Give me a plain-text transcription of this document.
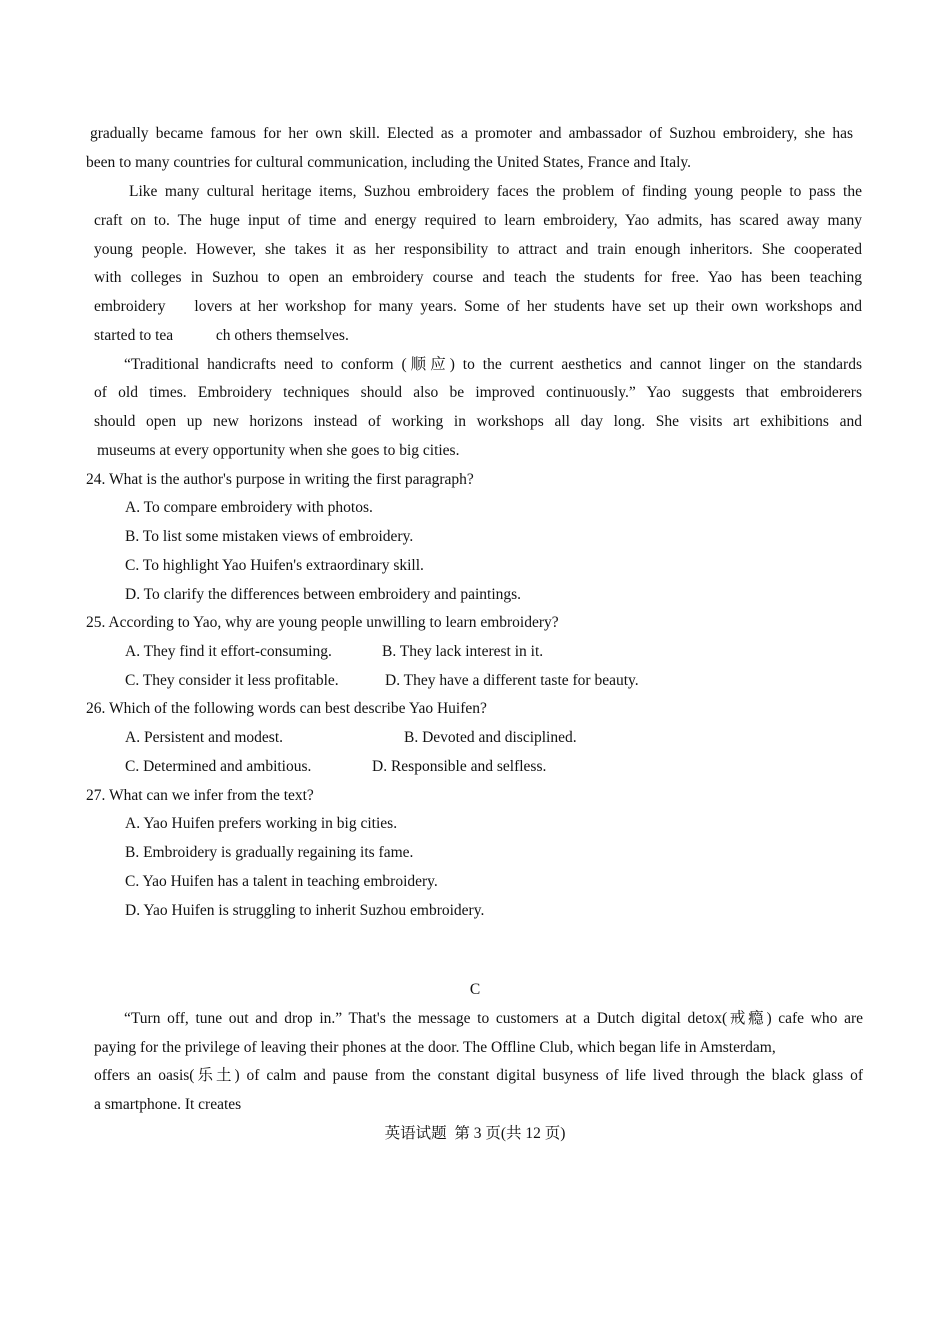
gradually became famous for her own skill. Elected as a promoter and ambassador of Suzhou embroidery, she has
been to many countries for cultural communication, including the United States, France and Italy.
Like many cultural heritage items, Suzhou embroidery faces the problem of finding young people to pass the
craft on to. The huge input of time and energy required to learn embroidery, Yao admits, has scared away many
young people. However, she takes it as her responsibility to attract and train enough inheritors. She cooperated
with colleges in Suzhou to open an embroidery course and teach the students for free. Yao has been teaching
embroidery    lovers at her workshop for many years. Some of her students have set up their own workshops and
started to tea           ch others themselves.
“Traditional handicrafts need to conform (顺应) to the current aesthetics and cannot linger on the standards
of old times. Embroidery techniques should also be improved continuously.” Yao suggests that embroiderers
should open up new horizons instead of working in workshops all day long. She visits art exhibitions and
museums at every opportunity when she goes to big cities.
24. What is the author's purpose in writing the first paragraph?
A. To compare embroidery with photos.
B. To list some mistaken views of embroidery.
C. To highlight Yao Huifen's extraordinary skill.
D. To clarify the differences between embroidery and paintings.
25. According to Yao, why are young people unwilling to learn embroidery?
A. They find it effort-consuming.	B. They lack interest in it.
C. They consider it less profitable.	D. They have a different taste for beauty.
26. Which of the following words can best describe Yao Huifen?
A. Persistent and modest.	B. Devoted and disciplined.
C. Determined and ambitious.	D. Responsible and selfless.
27. What can we infer from the text?
A. Yao Huifen prefers working in big cities.
B. Embroidery is gradually regaining its fame.
C. Yao Huifen has a talent in teaching embroidery.
D. Yao Huifen is struggling to inherit Suzhou embroidery.
C
“Turn off, tune out and drop in.” That's the message to customers at a Dutch digital detox(戒瘾) cafe who are
paying for the privilege of leaving their phones at the door. The Offline Club, which began life in Amsterdam,
offers an oasis(乐土) of calm and pause from the constant digital busyness of life lived through the black glass of
a smartphone. It creates
英语试题  第 3 页(共 12 页)
